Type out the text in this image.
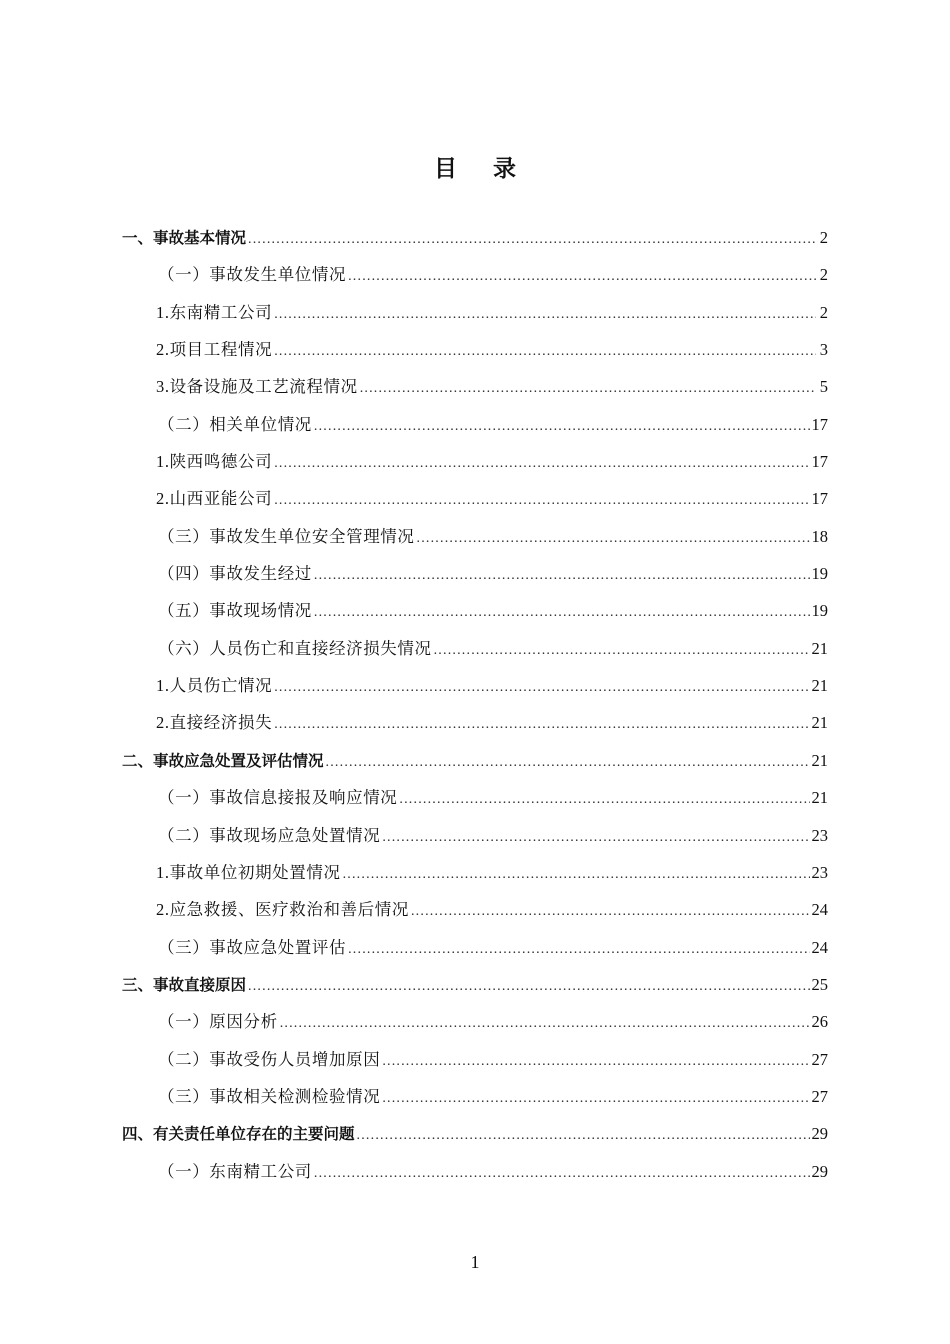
目 录
一、事故基本情况 .....	2
（一）事故发生单位情况 .....	2
1.东南精工公司 .....	2
2.项目工程情况 .....	3
3.设备设施及工艺流程情况 .....	5
（二）相关单位情况 .....	17
1.陕西鸣德公司 .....	17
2.山西亚能公司 .....	17
（三）事故发生单位安全管理情况 .....	18
（四）事故发生经过 .....	19
（五）事故现场情况 .....	19
（六）人员伤亡和直接经济损失情况 .....	21
1.人员伤亡情况 .....	21
2.直接经济损失 .....	21
二、事故应急处置及评估情况 .....	21
（一）事故信息接报及响应情况 .....	21
（二）事故现场应急处置情况 .....	23
1.事故单位初期处置情况 .....	23
2.应急救援、医疗救治和善后情况 .....	24
（三）事故应急处置评估 .....	24
三、事故直接原因 .....	25
（一）原因分析 .....	26
（二）事故受伤人员增加原因 .....	27
（三）事故相关检测检验情况 .....	27
四、有关责任单位存在的主要问题 .....	29
（一）东南精工公司 .....	29
1
